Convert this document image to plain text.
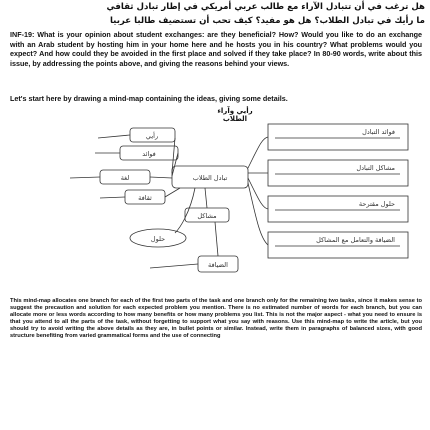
هل ترغب في أن تتبادل الآراء مع طالب عربي أمريكي في إطار تبادل ثقافي
ما رأيك في تبادل الطلاب؟ هل هو مفيد؟ كيف تحب أن تستضيف طالبا عربيا
INF-19: What is your opinion about student exchanges: are they beneficial? How? Would you like to do an exchange with an Arab student by hosting him in your home here and he hosts you in his country? What problems would you expect? And how could they be avoided in the first place and solved if they take place? In 80-90 words, write about this issue, by addressing the points above, and giving the reasons behind your views.
Let's start here by drawing a mind-map containing the ideas, giving some details.
رأيي وآراء الطلاب
فوائد التبادل
مشاكل التبادل
حلول مقترحة
الضيافة والتعامل مع المشاكل
تبادل الطلاب
رأيي
فوائد
لغة
ثقافة
مشاكل
حلول
الضيافة
This mind-map allocates one branch for each of the first two parts of the task and one branch only for the remaining two tasks, since it makes sense to suggest the precaution and solution for each expected problem you mention. There is no estimated number of words for each branch, but you can allocate more or less words according to how many benefits or how many problems you list. This is not the major aspect - what you need to ensure is that you attend to all the parts of the task, without forgetting to support what you say with reasons. Use this mind-map to write the article, but you should try to avoid writing the above details as they are, in bullet points or similar. Instead, write them in paragraphs of balanced sizes, with good structure benefiting from varied grammatical forms and the use of connecting
